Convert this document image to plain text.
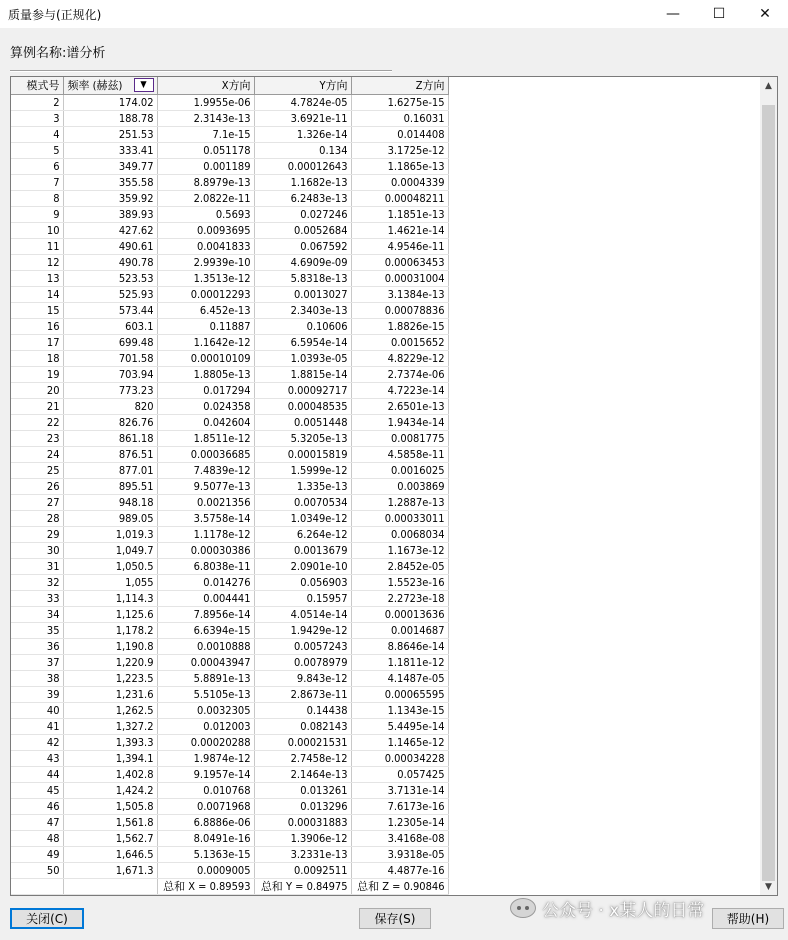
质量参与(正规化)	—	☐	✕
算例名称:谱分析
模式号	频率 (赫兹) ▼	X方向	Y方向	Z方向
2	174.02	1.9955e-06	4.7824e-05	1.6275e-15
3	188.78	2.3143e-13	3.6921e-11	0.16031
4	251.53	7.1e-15	1.326e-14	0.014408
5	333.41	0.051178	0.134	3.1725e-12
6	349.77	0.001189	0.00012643	1.1865e-13
7	355.58	8.8979e-13	1.1682e-13	0.0004339
8	359.92	2.0822e-11	6.2483e-13	0.00048211
9	389.93	0.5693	0.027246	1.1851e-13
10	427.62	0.0093695	0.0052684	1.4621e-14
11	490.61	0.0041833	0.067592	4.9546e-11
12	490.78	2.9939e-10	4.6909e-09	0.00063453
13	523.53	1.3513e-12	5.8318e-13	0.00031004
14	525.93	0.00012293	0.0013027	3.1384e-13
15	573.44	6.452e-13	2.3403e-13	0.00078836
16	603.1	0.11887	0.10606	1.8826e-15
17	699.48	1.1642e-12	6.5954e-14	0.0015652
18	701.58	0.00010109	1.0393e-05	4.8229e-12
19	703.94	1.8805e-13	1.8815e-14	2.7374e-06
20	773.23	0.017294	0.00092717	4.7223e-14
21	820	0.024358	0.00048535	2.6501e-13
22	826.76	0.042604	0.0051448	1.9434e-14
23	861.18	1.8511e-12	5.3205e-13	0.0081775
24	876.51	0.00036685	0.00015819	4.5858e-11
25	877.01	7.4839e-12	1.5999e-12	0.0016025
26	895.51	9.5077e-13	1.335e-13	0.003869
27	948.18	0.0021356	0.0070534	1.2887e-13
28	989.05	3.5758e-14	1.0349e-12	0.00033011
29	1,019.3	1.1178e-12	6.264e-12	0.0068034
30	1,049.7	0.00030386	0.0013679	1.1673e-12
31	1,050.5	6.8038e-11	2.0901e-10	2.8452e-05
32	1,055	0.014276	0.056903	1.5523e-16
33	1,114.3	0.004441	0.15957	2.2723e-18
34	1,125.6	7.8956e-14	4.0514e-14	0.00013636
35	1,178.2	6.6394e-15	1.9429e-12	0.0014687
36	1,190.8	0.0010888	0.0057243	8.8646e-14
37	1,220.9	0.00043947	0.0078979	1.1811e-12
38	1,223.5	5.8891e-13	9.843e-12	4.1487e-05
39	1,231.6	5.5105e-13	2.8673e-11	0.00065595
40	1,262.5	0.0032305	0.14438	1.1343e-15
41	1,327.2	0.012003	0.082143	5.4495e-14
42	1,393.3	0.00020288	0.00021531	1.1465e-12
43	1,394.1	1.9874e-12	2.7458e-12	0.00034228
44	1,402.8	9.1957e-14	2.1464e-13	0.057425
45	1,424.2	0.010768	0.013261	3.7131e-14
46	1,505.8	0.0071968	0.013296	7.6173e-16
47	1,561.8	6.8886e-06	0.00031883	1.2305e-14
48	1,562.7	8.0491e-16	1.3906e-12	3.4168e-08
49	1,646.5	5.1363e-15	3.2331e-13	3.9318e-05
50	1,671.3	0.0009005	0.0092511	4.4877e-16
		总和 X = 0.89593	总和 Y = 0.84975	总和 Z = 0.90846
▲
▼
关闭(C)	保存(S)	帮助(H)
公众号 · x某人的日常
